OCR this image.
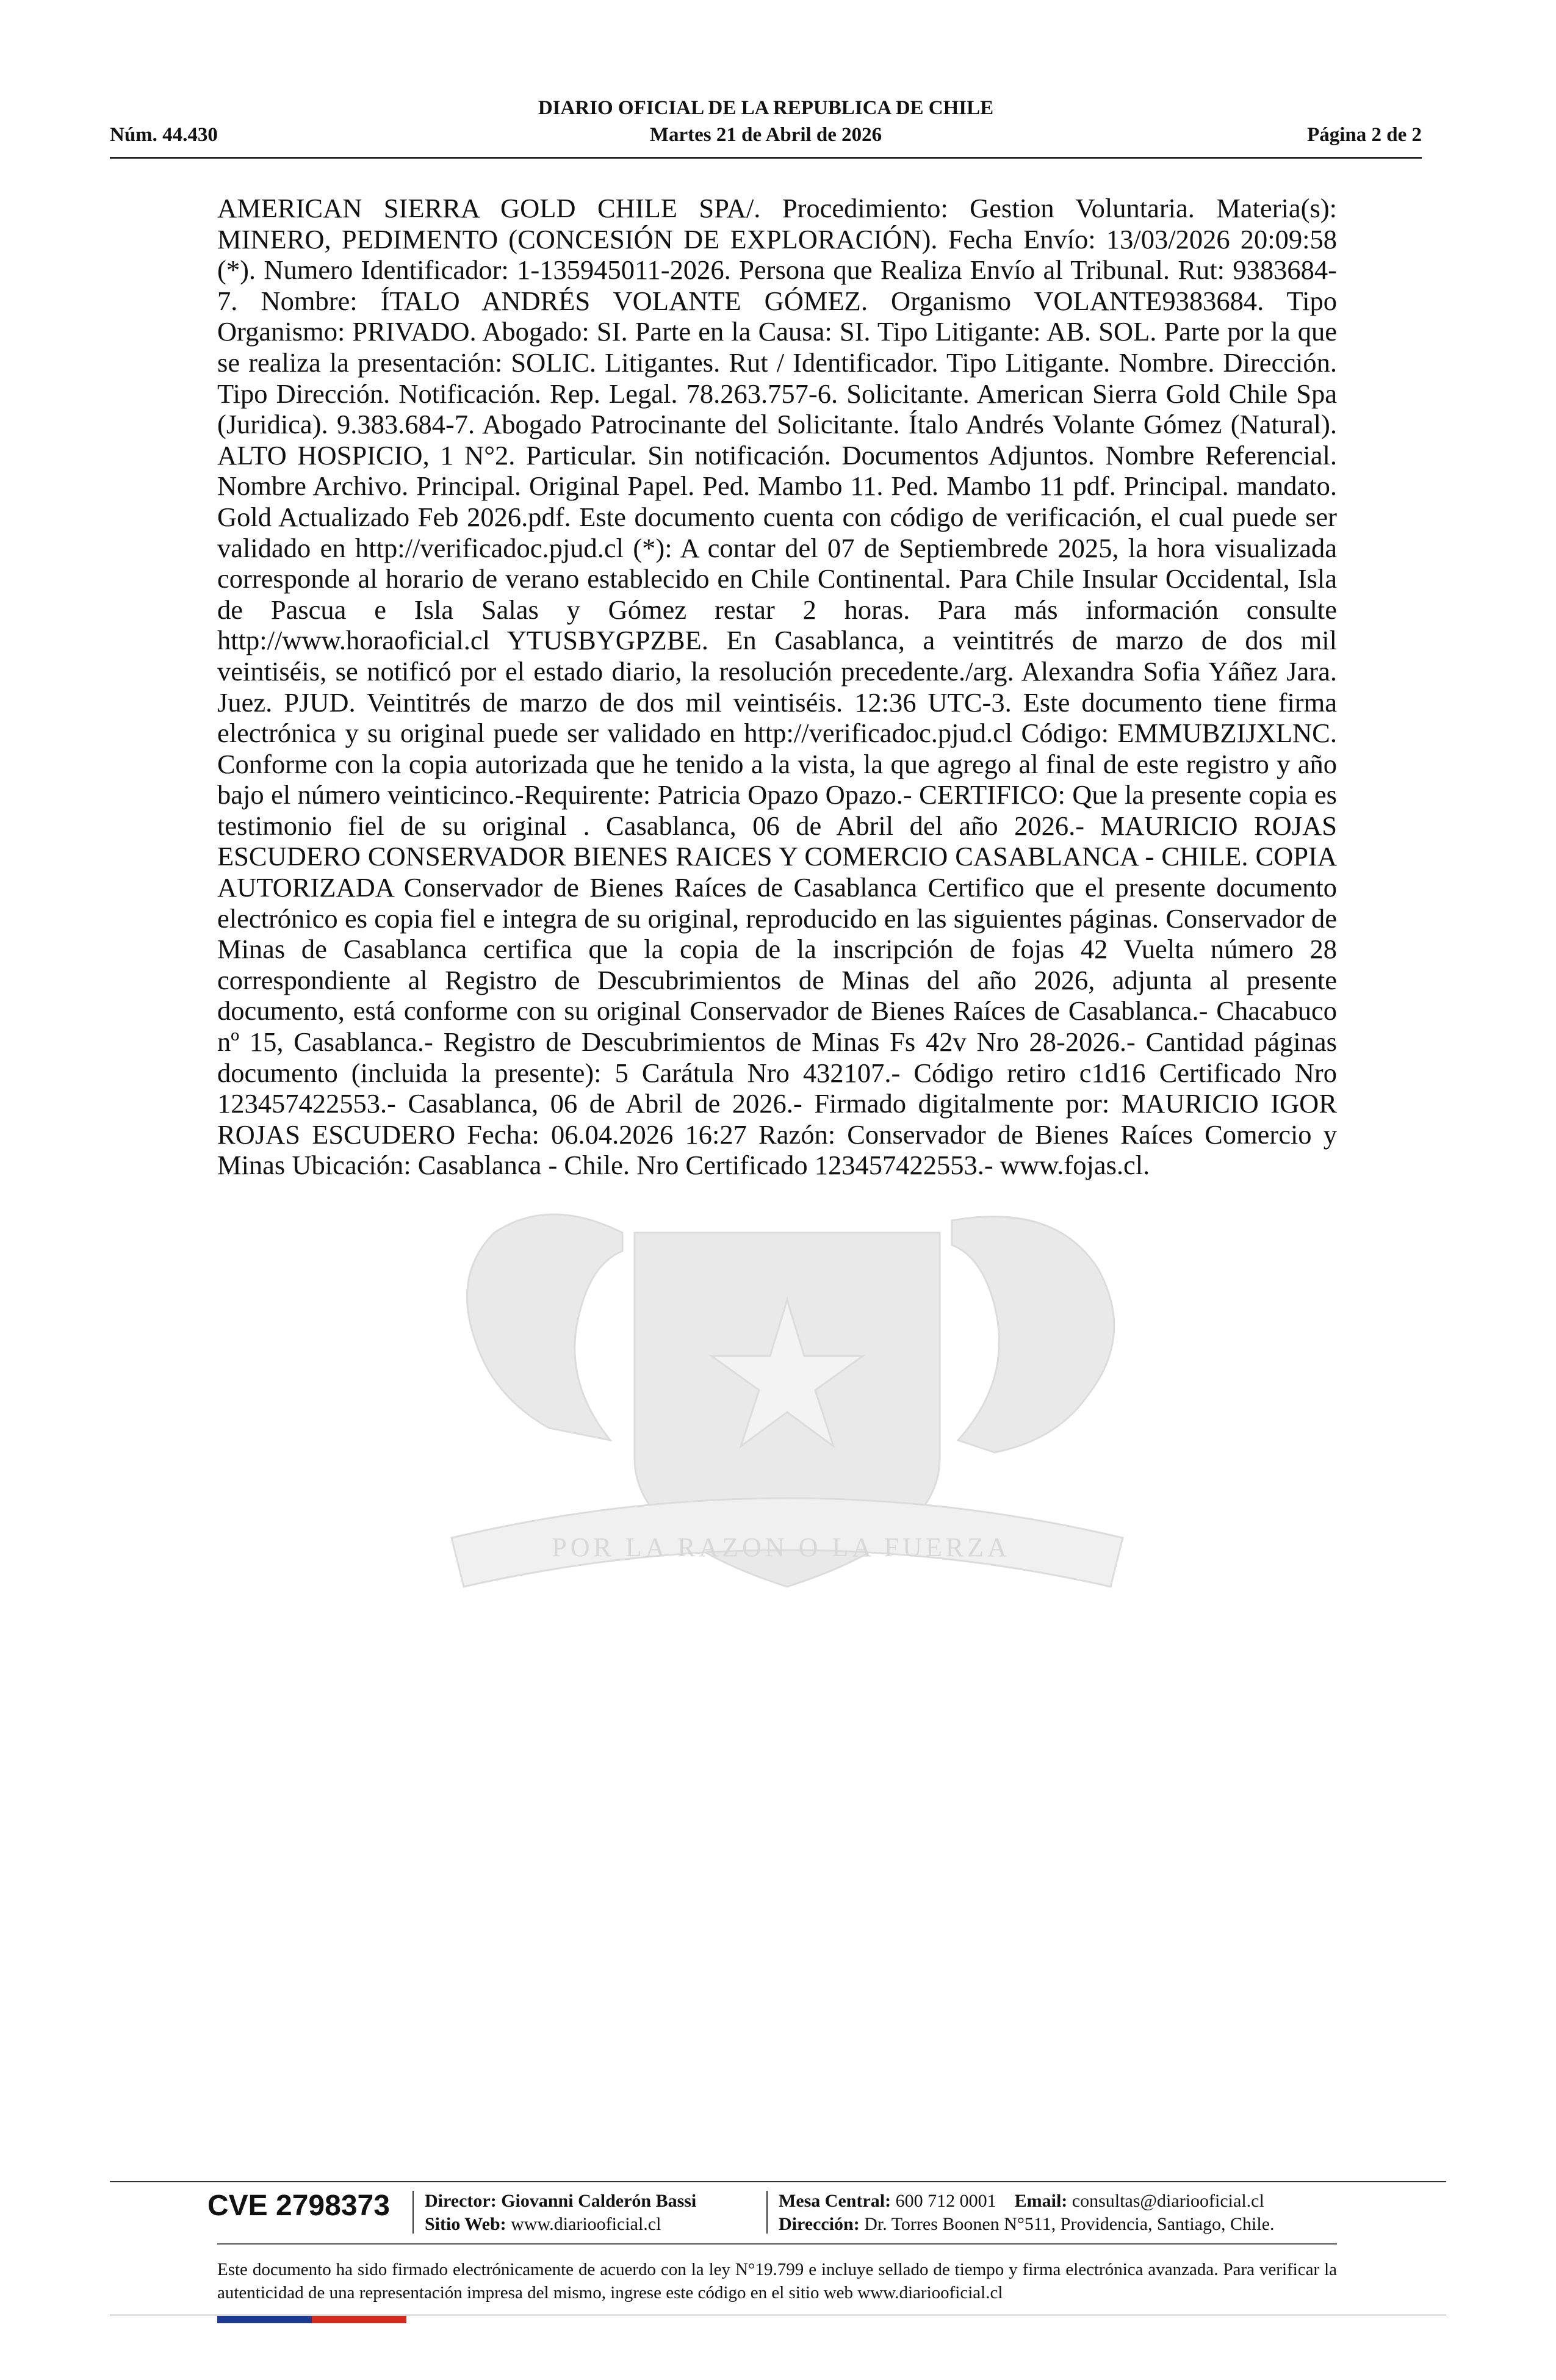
DIARIO OFICIAL DE LA REPUBLICA DE CHILE
Núm. 44.430	Martes 21 de Abril de 2026	Página 2 de 2
POR LA RAZON O LA FUERZA
AMERICAN SIERRA GOLD CHILE SPA/. Procedimiento: Gestion Voluntaria. Materia(s): MINERO, PEDIMENTO (CONCESIÓN DE EXPLORACIÓN). Fecha Envío: 13/03/2026 20:09:58 (*). Numero Identificador: 1-135945011-2026. Persona que Realiza Envío al Tribunal. Rut: 9383684-7. Nombre: ÍTALO ANDRÉS VOLANTE GÓMEZ. Organismo VOLANTE9383684. Tipo Organismo: PRIVADO. Abogado: SI. Parte en la Causa: SI. Tipo Litigante: AB. SOL. Parte por la que se realiza la presentación: SOLIC. Litigantes. Rut / Identificador. Tipo Litigante. Nombre. Dirección. Tipo Dirección. Notificación. Rep. Legal. 78.263.757-6. Solicitante. American Sierra Gold Chile Spa (Juridica). 9.383.684-7. Abogado Patrocinante del Solicitante. Ítalo Andrés Volante Gómez (Natural). ALTO HOSPICIO, 1 N°2. Particular. Sin notificación. Documentos Adjuntos. Nombre Referencial. Nombre Archivo. Principal. Original Papel. Ped. Mambo 11. Ped. Mambo 11 pdf. Principal. mandato. Gold Actualizado Feb 2026.pdf. Este documento cuenta con código de verificación, el cual puede ser validado en http://verificadoc.pjud.cl (*): A contar del 07 de Septiembrede 2025, la hora visualizada corresponde al horario de verano establecido en Chile Continental. Para Chile Insular Occidental, Isla de Pascua e Isla Salas y Gómez restar 2 horas. Para más información consulte http://www.horaoficial.cl YTUSBYGPZBE. En Casablanca, a veintitrés de marzo de dos mil veintiséis, se notificó por el estado diario, la resolución precedente./arg. Alexandra Sofia Yáñez Jara. Juez. PJUD. Veintitrés de marzo de dos mil veintiséis. 12:36 UTC-3. Este documento tiene firma electrónica y su original puede ser validado en http://verificadoc.pjud.cl Código: EMMUBZIJXLNC. Conforme con la copia autorizada que he tenido a la vista, la que agrego al final de este registro y año bajo el número veinticinco.-Requirente: Patricia Opazo Opazo.- CERTIFICO: Que la presente copia es testimonio fiel de su original . Casablanca, 06 de Abril del año 2026.- MAURICIO ROJAS ESCUDERO CONSERVADOR BIENES RAICES Y COMERCIO CASABLANCA - CHILE. COPIA AUTORIZADA Conservador de Bienes Raíces de Casablanca Certifico que el presente documento electrónico es copia fiel e integra de su original, reproducido en las siguientes páginas. Conservador de Minas de Casablanca certifica que la copia de la inscripción de fojas 42 Vuelta número 28 correspondiente al Registro de Descubrimientos de Minas del año 2026, adjunta al presente documento, está conforme con su original Conservador de Bienes Raíces de Casablanca.- Chacabuco nº 15, Casablanca.- Registro de Descubrimientos de Minas Fs 42v Nro 28-2026.- Cantidad páginas documento (incluida la presente): 5 Carátula Nro 432107.- Código retiro c1d16 Certificado Nro 123457422553.- Casablanca, 06 de Abril de 2026.- Firmado digitalmente por: MAURICIO IGOR ROJAS ESCUDERO Fecha: 06.04.2026 16:27 Razón: Conservador de Bienes Raíces Comercio y Minas Ubicación: Casablanca - Chile. Nro Certificado 123457422553.- www.fojas.cl.
CVE 2798373 Director: Giovanni Calderón Bassi
Sitio Web: www.diariooficial.cl
Mesa Central: 600 712 0001 Email: consultas@diariooficial.cl
Dirección: Dr. Torres Boonen N°511, Providencia, Santiago, Chile.
Este documento ha sido firmado electrónicamente de acuerdo con la ley N°19.799 e incluye sellado de tiempo y firma electrónica avanzada. Para verificar la autenticidad de una representación impresa del mismo, ingrese este código en el sitio web www.diariooficial.cl
